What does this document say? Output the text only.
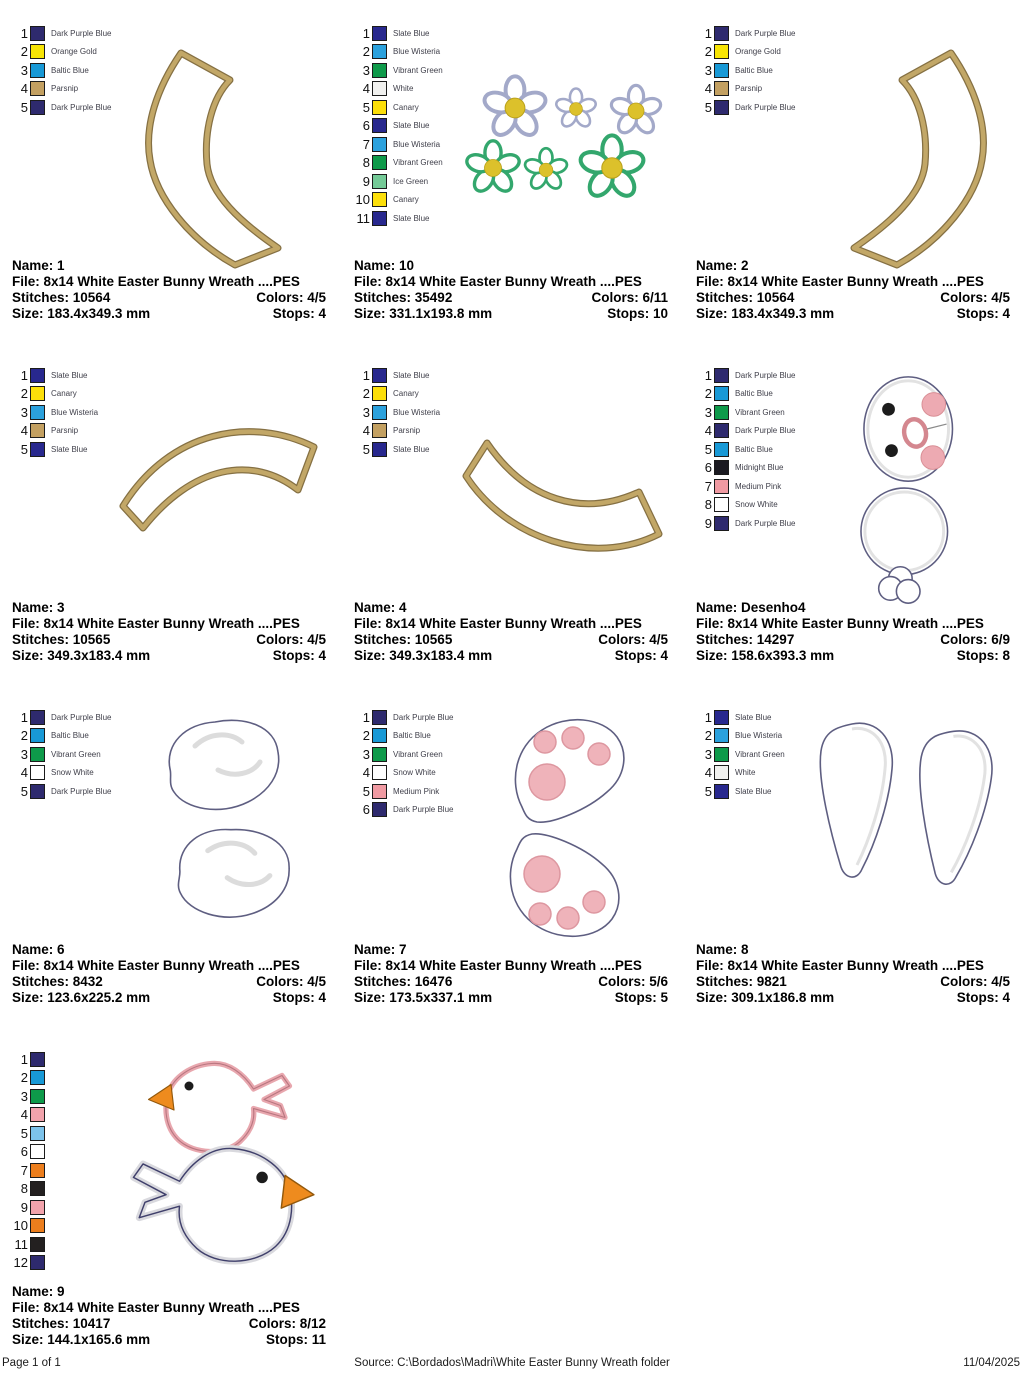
1	Dark Purple Blue
2	Orange Gold
3	Baltic Blue
4	Parsnip
5	Dark Purple Blue
Name: 1
File: 8x14 White Easter Bunny Wreath ....PES
Stitches: 10564	Colors: 4/5
Size: 183.4x349.3 mm	Stops: 4
1	Slate Blue
2	Blue Wisteria
3	Vibrant Green
4	White
5	Canary
6	Slate Blue
7	Blue Wisteria
8	Vibrant Green
9	Ice Green
10	Canary
11	Slate Blue
Name: 10
File: 8x14 White Easter Bunny Wreath ....PES
Stitches: 35492	Colors: 6/11
Size: 331.1x193.8 mm	Stops: 10
1	Dark Purple Blue
2	Orange Gold
3	Baltic Blue
4	Parsnip
5	Dark Purple Blue
Name: 2
File: 8x14 White Easter Bunny Wreath ....PES
Stitches: 10564	Colors: 4/5
Size: 183.4x349.3 mm	Stops: 4
1	Slate Blue
2	Canary
3	Blue Wisteria
4	Parsnip
5	Slate Blue
Name: 3
File: 8x14 White Easter Bunny Wreath ....PES
Stitches: 10565	Colors: 4/5
Size: 349.3x183.4 mm	Stops: 4
1	Slate Blue
2	Canary
3	Blue Wisteria
4	Parsnip
5	Slate Blue
Name: 4
File: 8x14 White Easter Bunny Wreath ....PES
Stitches: 10565	Colors: 4/5
Size: 349.3x183.4 mm	Stops: 4
1	Dark Purple Blue
2	Baltic Blue
3	Vibrant Green
4	Dark Purple Blue
5	Baltic Blue
6	Midnight Blue
7	Medium Pink
8	Snow White
9	Dark Purple Blue
Name: Desenho4
File: 8x14 White Easter Bunny Wreath ....PES
Stitches: 14297	Colors: 6/9
Size: 158.6x393.3 mm	Stops: 8
1	Dark Purple Blue
2	Baltic Blue
3	Vibrant Green
4	Snow White
5	Dark Purple Blue
Name: 6
File: 8x14 White Easter Bunny Wreath ....PES
Stitches: 8432	Colors: 4/5
Size: 123.6x225.2 mm	Stops: 4
1	Dark Purple Blue
2	Baltic Blue
3	Vibrant Green
4	Snow White
5	Medium Pink
6	Dark Purple Blue
Name: 7
File: 8x14 White Easter Bunny Wreath ....PES
Stitches: 16476	Colors: 5/6
Size: 173.5x337.1 mm	Stops: 5
1	Slate Blue
2	Blue Wisteria
3	Vibrant Green
4	White
5	Slate Blue
Name: 8
File: 8x14 White Easter Bunny Wreath ....PES
Stitches: 9821	Colors: 4/5
Size: 309.1x186.8 mm	Stops: 4
1
2
3
4
5
6
7
8
9
10
11
12
Name: 9
File: 8x14 White Easter Bunny Wreath ....PES
Stitches: 10417	Colors: 8/12
Size: 144.1x165.6 mm	Stops: 11
Page 1 of 1	Source: C:\Bordados\Madri\White Easter Bunny Wreath folder	11/04/2025
